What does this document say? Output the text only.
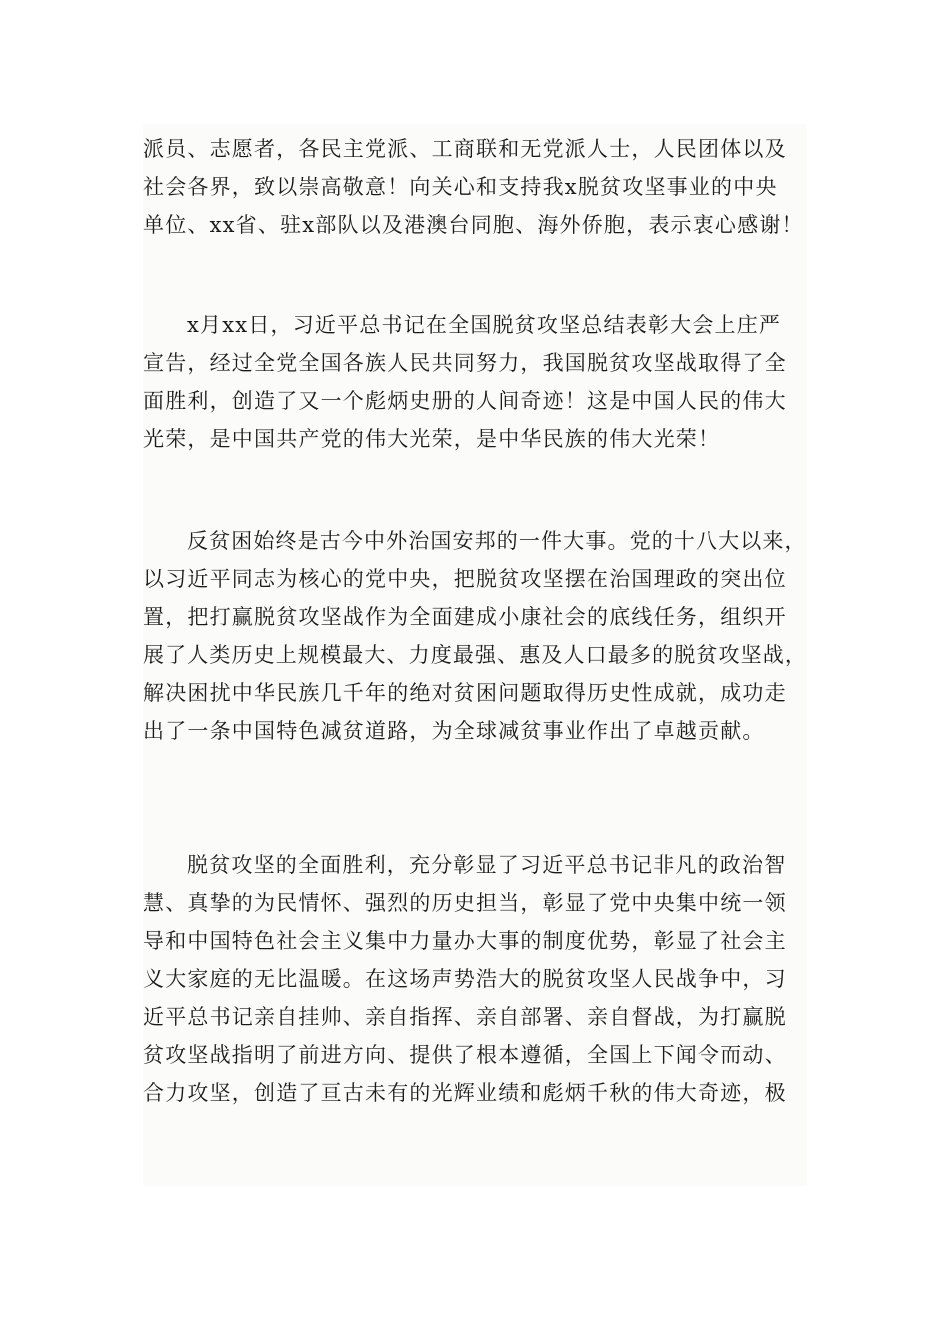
派员、志愿者，各民主党派、工商联和无党派人士，人民团体以及
社会各界，致以崇高敬意！向关心和支持我x脱贫攻坚事业的中央
单位、xx省、驻x部队以及港澳台同胞、海外侨胞，表示衷心感谢！
x月xx日，习近平总书记在全国脱贫攻坚总结表彰大会上庄严
宣告，经过全党全国各族人民共同努力，我国脱贫攻坚战取得了全
面胜利，创造了又一个彪炳史册的人间奇迹！这是中国人民的伟大
光荣，是中国共产党的伟大光荣，是中华民族的伟大光荣！
反贫困始终是古今中外治国安邦的一件大事。党的十八大以来，
以习近平同志为核心的党中央，把脱贫攻坚摆在治国理政的突出位
置，把打赢脱贫攻坚战作为全面建成小康社会的底线任务，组织开
展了人类历史上规模最大、力度最强、惠及人口最多的脱贫攻坚战，
解决困扰中华民族几千年的绝对贫困问题取得历史性成就，成功走
出了一条中国特色减贫道路，为全球减贫事业作出了卓越贡献。
脱贫攻坚的全面胜利，充分彰显了习近平总书记非凡的政治智
慧、真挚的为民情怀、强烈的历史担当，彰显了党中央集中统一领
导和中国特色社会主义集中力量办大事的制度优势，彰显了社会主
义大家庭的无比温暖。在这场声势浩大的脱贫攻坚人民战争中，习
近平总书记亲自挂帅、亲自指挥、亲自部署、亲自督战，为打赢脱
贫攻坚战指明了前进方向、提供了根本遵循，全国上下闻令而动、
合力攻坚，创造了亘古未有的光辉业绩和彪炳千秋的伟大奇迹，极
